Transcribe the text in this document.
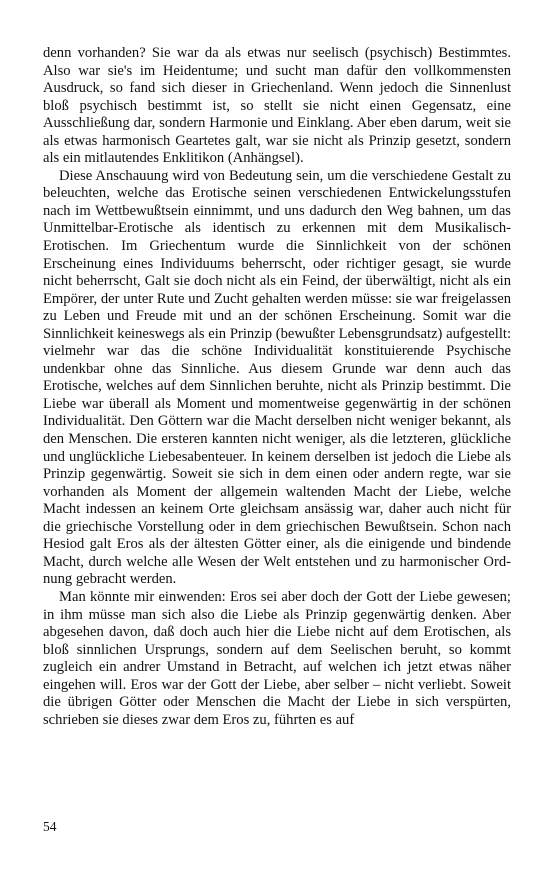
denn vorhanden? Sie war da als etwas nur seelisch (psychisch) Bestimmtes. Also war sie's im Heidentume; und sucht man dafür den vollkommensten Ausdruck, so fand sich dieser in Griechenland. Wenn jedoch die Sinnenlust bloß psychisch bestimmt ist, so stellt sie nicht einen Gegensatz, eine Ausschließung dar, sondern Harmonie und Einklang. Aber eben darum, weit sie als etwas harmonisch Geartetes galt, war sie nicht als Prinzip gesetzt, sondern als ein mitlautendes Enklitikon (Anhängsel).

Diese Anschauung wird von Bedeutung sein, um die verschiedene Gestalt zu beleuchten, welche das Erotische seinen verschiedenen Entwickelungsstufen nach im Wettbewußtsein einnimmt, und uns dadurch den Weg bahnen, um das Unmittelbar-Erotische als identisch zu erkennen mit dem Musikalisch-Erotischen. Im Griechentum wurde die Sinnlichkeit von der schönen Erscheinung eines Individuums beherrscht, oder richtiger gesagt, sie wurde nicht beherrscht, Galt sie doch nicht als ein Feind, der überwältigt, nicht als ein Empörer, der unter Rute und Zucht gehalten werden müsse: sie war freigelassen zu Leben und Freude mit und an der schönen Erscheinung. Somit war die Sinnlichkeit keineswegs als ein Prinzip (bewußter Lebensgrundsatz) aufgestellt: vielmehr war das die schöne Individualität konstituierende Psychische undenkbar ohne das Sinnliche. Aus diesem Grunde war denn auch das Erotische, welches auf dem Sinnlichen beruhte, nicht als Prinzip bestimmt. Die Liebe war überall als Moment und momentweise gegenwärtig in der schönen Individualität. Den Göttern war die Macht derselben nicht weniger bekannt, als den Menschen. Die ersteren kannten nicht weniger, als die letzteren, glückliche und unglückliche Liebesabenteuer. In keinem derselben ist jedoch die Liebe als Prinzip gegenwärtig. Soweit sie sich in dem einen oder andern regte, war sie vorhanden als Moment der allgemein waltenden Macht der Liebe, welche Macht indessen an keinem Orte gleichsam ansässig war, daher auch nicht für die griechische Vorstellung oder in dem griechischen Bewußtsein. Schon nach Hesiod galt Eros als der ältesten Götter einer, als die einigende und bindende Macht, durch welche alle Wesen der Welt entstehen und zu harmonischer Ordnung gebracht werden.

Man könnte mir einwenden: Eros sei aber doch der Gott der Liebe gewesen; in ihm müsse man sich also die Liebe als Prinzip gegenwärtig denken. Aber abgesehen davon, daß doch auch hier die Liebe nicht auf dem Erotischen, als bloß sinnlichen Ursprungs, sondern auf dem Seelischen beruht, so kommt zugleich ein andrer Umstand in Betracht, auf welchen ich jetzt etwas näher eingehen will. Eros war der Gott der Liebe, aber selber – nicht verliebt. Soweit die übrigen Götter oder Menschen die Macht der Liebe in sich verspürten, schrieben sie dieses zwar dem Eros zu, führten es auf

54
